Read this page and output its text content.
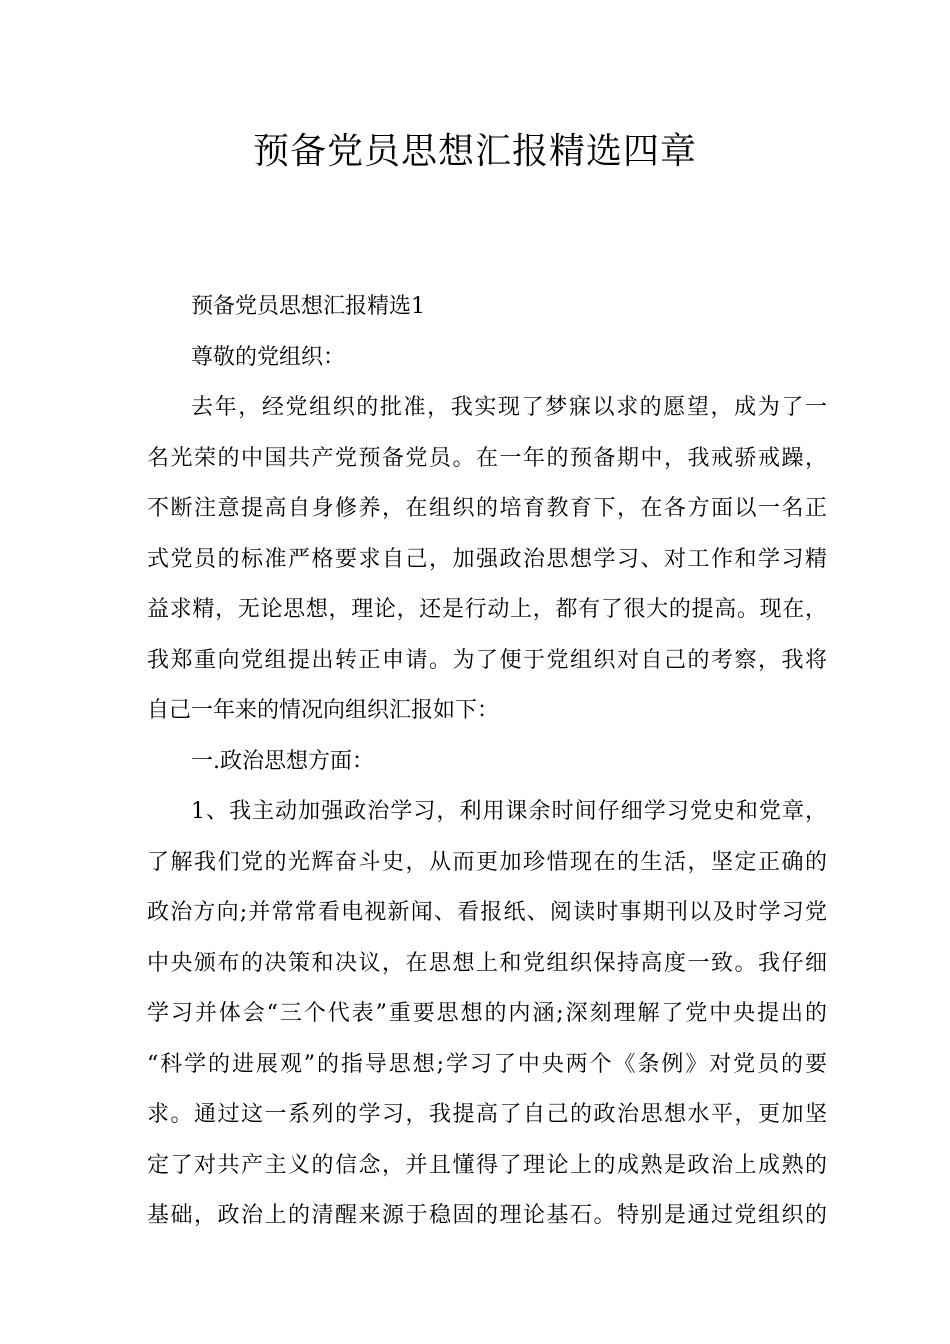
预备党员思想汇报精选四章
预备党员思想汇报精选1
尊敬的党组织：
去年，经党组织的批准，我实现了梦寐以求的愿望，成为了一
名光荣的中国共产党预备党员。在一年的预备期中，我戒骄戒躁，
不断注意提高自身修养，在组织的培育教育下，在各方面以一名正
式党员的标准严格要求自己，加强政治思想学习、对工作和学习精
益求精，无论思想，理论，还是行动上，都有了很大的提高。现在，
我郑重向党组提出转正申请。为了便于党组织对自己的考察，我将
自己一年来的情况向组织汇报如下：
一.政治思想方面：
1、我主动加强政治学习，利用课余时间仔细学习党史和党章，
了解我们党的光辉奋斗史，从而更加珍惜现在的生活，坚定正确的
政治方向;并常常看电视新闻、看报纸、阅读时事期刊以及时学习党
中央颁布的决策和决议，在思想上和党组织保持高度一致。我仔细
学习并体会“三个代表”重要思想的内涵;深刻理解了党中央提出的
“科学的进展观”的指导思想;学习了中央两个《条例》对党员的要
求。通过这一系列的学习，我提高了自己的政治思想水平，更加坚
定了对共产主义的信念，并且懂得了理论上的成熟是政治上成熟的
基础，政治上的清醒来源于稳固的理论基石。特别是通过党组织的
